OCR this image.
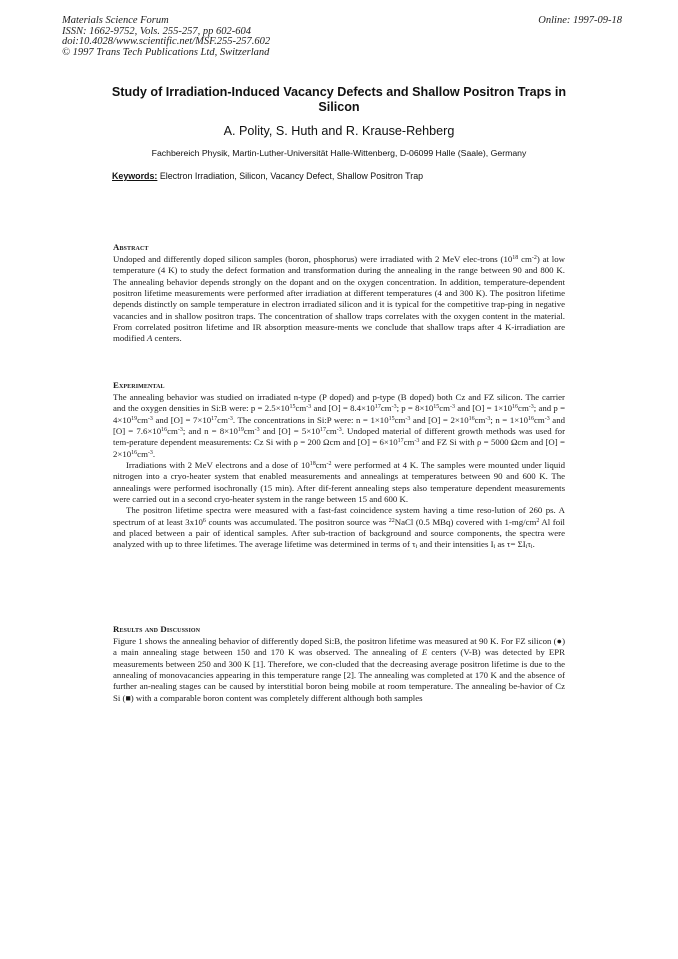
Materials Science Forum
ISSN: 1662-9752, Vols. 255-257, pp 602-604
doi:10.4028/www.scientific.net/MSF.255-257.602
© 1997 Trans Tech Publications Ltd, Switzerland
Online: 1997-09-18
Study of Irradiation-Induced Vacancy Defects and Shallow Positron Traps in Silicon
A. Polity, S. Huth and R. Krause-Rehberg
Fachbereich Physik, Martin-Luther-Universität Halle-Wittenberg, D-06099 Halle (Saale), Germany
Keywords: Electron Irradiation, Silicon, Vacancy Defect, Shallow Positron Trap
Abstract

Undoped and differently doped silicon samples (boron, phosphorus) were irradiated with 2 MeV elec-trons ($10^{18}$ $cm^{-2}$) at low temperature (4 K) to study the defect formation and transformation during the annealing in the range between 90 and 800 K. The annealing behavior depends strongly on the dopant and on the oxygen concentration. In addition, temperature-dependent positron lifetime measurements were performed after irradiation at different temperatures (4 and 300 K). The positron lifetime depends distinctly on sample temperature in electron irradiated silicon and it is typical for the competitive trap-ping in negative vacancies and in shallow positron traps. The concentration of shallow traps correlates with the oxygen content in the material. From correlated positron lifetime and IR absorption measure-ments we conclude that shallow traps after 4 K-irradiation are modified A centers.

Experimental

The annealing behavior was studied on irradiated n-type (P doped) and p-type (B doped) both Cz and FZ silicon. The carrier and the oxygen densities in Si:B were: $p = 2.5\times 10^{15}cm^{-3}$ and $[O] = 8.4\times 10^{17}cm^{-3}$; $p = 8\times 10^{15}cm^{-3}$ and $[O] = 1\times 10^{16}cm^{-3}$; and $p = 4\times 10^{19}cm^{-3}$ and $[O] = 7\times 10^{17}cm^{-3}$. The concentrations in Si:P were: $n = 1\times 10^{15}cm^{-3}$ and $[O] = 2\times 10^{16}cm^{-3}$; $n = 1\times 10^{16}cm^{-3}$ and $[O] = 7.6\times 10^{16}cm^{-3}$; and $n = 8\times 10^{19}cm^{-3}$ and $[O] = 5\times 10^{17}cm^{-3}$. Undoped material of different growth methods was used for tem-perature dependent measurements: Cz Si with ρ = 200 Ωcm and $[O] = 6\times 10^{17}cm^{-3}$ and FZ Si with ρ = 5000 Ωcm and $[O] = 2\times 10^{16}cm^{-3}$.

Irradiations with 2 MeV electrons and a dose of $10^{18}cm^{-2}$ were performed at 4 K. The samples were mounted under liquid nitrogen into a cryo-heater system that enabled measurements and annealings at temperatures between 90 and 600 K. The annealings were performed isochronally (15 min). After dif-ferent annealing steps also temperature dependent measurements were carried out in a second cryo-heater system in the range between 15 and 600 K.

The positron lifetime spectra were measured with a fast-fast coincidence system having a time reso-lution of 260 ps. A spectrum of at least $3x10^6$ counts was accumulated. The positron source was $^{22}$NaCl (0.5 MBq) covered with $1-mg/cm^2$ Al foil and placed between a pair of identical samples. After sub-traction of background and source components, the spectra were analyzed with up to three lifetimes. The average lifetime was determined in terms of $\tau_i$ and their intensities $I_i$ as $\tau= \Sigma I_i\tau_i$.

Results and Discussion

Figure 1 shows the annealing behavior of differently doped Si:B, the positron lifetime was measured at 90 K. For FZ silicon (●) a main annealing stage between 150 and 170 K was observed. The annealing of E centers (V-B) was detected by EPR measurements between 250 and 300 K [1]. Therefore, we con-cluded that the decreasing average positron lifetime is due to the annealing of monovacancies appearing in this temperature range [2]. The annealing was completed at 170 K and the absence of further an-nealing stages can be caused by interstitial boron being mobile at room temperature. The annealing be-havior of Cz Si (■) with a comparable boron content was completely different although both samples
